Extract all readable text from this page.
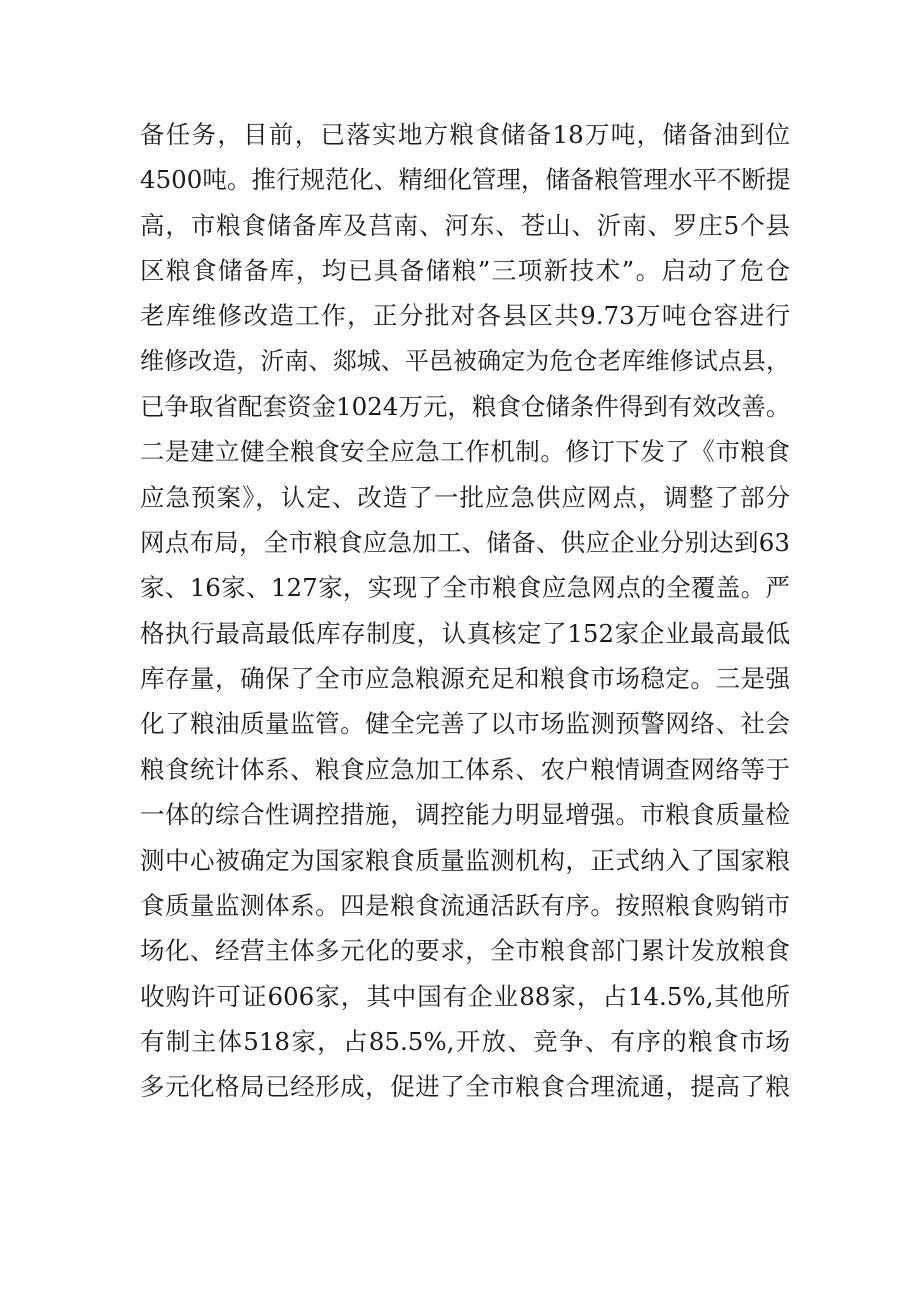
备任务，目前，已落实地方粮食储备18万吨，储备油到位
4500吨。推行规范化、精细化管理，储备粮管理水平不断提
高，市粮食储备库及莒南、河东、苍山、沂南、罗庄5个县
区粮食储备库，均已具备储粮”三项新技术”。启动了危仓
老库维修改造工作，正分批对各县区共9.73万吨仓容进行
维修改造，沂南、郯城、平邑被确定为危仓老库维修试点县，
已争取省配套资金1024万元，粮食仓储条件得到有效改善。
二是建立健全粮食安全应急工作机制。修订下发了《市粮食
应急预案》，认定、改造了一批应急供应网点，调整了部分
网点布局，全市粮食应急加工、储备、供应企业分别达到63
家、16家、127家，实现了全市粮食应急网点的全覆盖。严
格执行最高最低库存制度，认真核定了152家企业最高最低
库存量，确保了全市应急粮源充足和粮食市场稳定。三是强
化了粮油质量监管。健全完善了以市场监测预警网络、社会
粮食统计体系、粮食应急加工体系、农户粮情调查网络等于
一体的综合性调控措施，调控能力明显增强。市粮食质量检
测中心被确定为国家粮食质量监测机构，正式纳入了国家粮
食质量监测体系。四是粮食流通活跃有序。按照粮食购销市
场化、经营主体多元化的要求，全市粮食部门累计发放粮食
收购许可证606家，其中国有企业88家，占14.5%,其他所
有制主体518家，占85.5%,开放、竞争、有序的粮食市场
多元化格局已经形成，促进了全市粮食合理流通，提高了粮
